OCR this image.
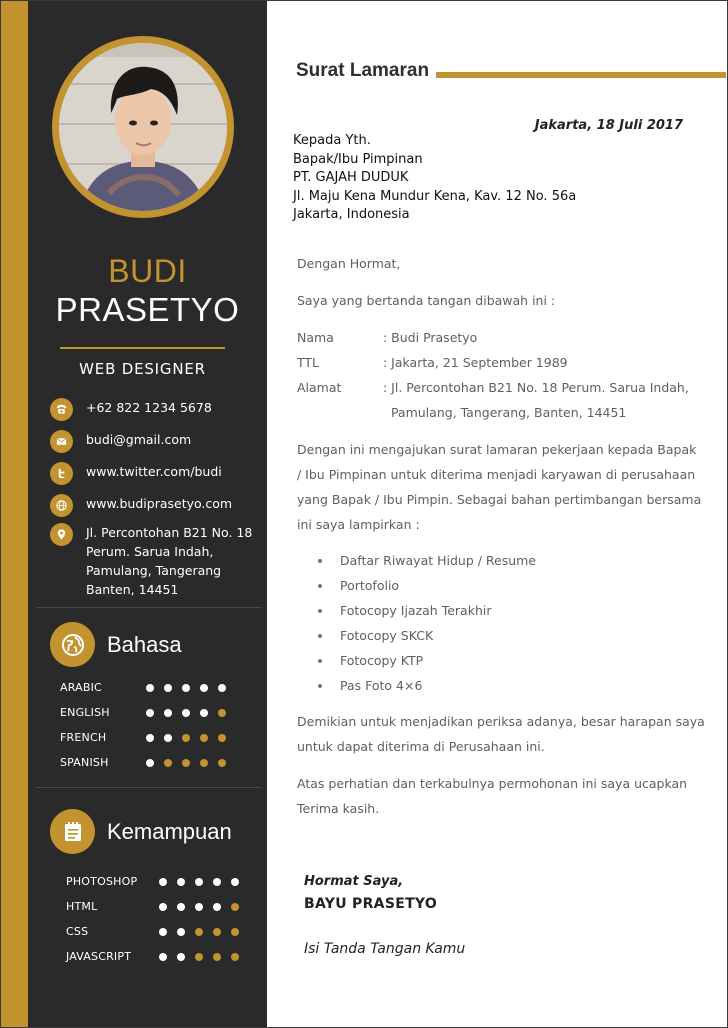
BUDI
PRASETYO
WEB DESIGNER
+62 822 1234 5678
budi@gmail.com
www.twitter.com/budi
www.budiprasetyo.com
Jl. Percontohan B21 No. 18
Perum. Sarua Indah,
Pamulang, Tangerang
Banten, 14451
Bahasa
ARABIC
ENGLISH
FRENCH
SPANISH
Kemampuan
PHOTOSHOP
HTML
CSS
JAVASCRIPT
Surat Lamaran
Jakarta, 18 Juli 2017
Kepada Yth.
Bapak/Ibu Pimpinan
PT. GAJAH DUDUK
Jl. Maju Kena Mundur Kena, Kav. 12 No. 56a
Jakarta, Indonesia
Dengan Hormat,
Saya yang bertanda tangan dibawah ini :
Nama	: Budi Prasetyo
TTL	: Jakarta, 21 September 1989
Alamat	: Jl. Percontohan B21 No. 18 Perum. Sarua Indah,
Pamulang, Tangerang, Banten, 14451
Dengan ini mengajukan surat lamaran pekerjaan kepada Bapak
/ Ibu Pimpinan untuk diterima menjadi karyawan di perusahaan
yang Bapak / Ibu Pimpin. Sebagai bahan pertimbangan bersama
ini saya lampirkan :
Daftar Riwayat Hidup / Resume
Portofolio
Fotocopy Ijazah Terakhir
Fotocopy SKCK
Fotocopy KTP
Pas Foto 4×6
Demikian untuk menjadikan periksa adanya, besar harapan saya
untuk dapat diterima di Perusahaan ini.
Atas perhatian dan terkabulnya permohonan ini saya ucapkan
Terima kasih.
Hormat Saya,
BAYU PRASETYO
Isi Tanda Tangan Kamu
